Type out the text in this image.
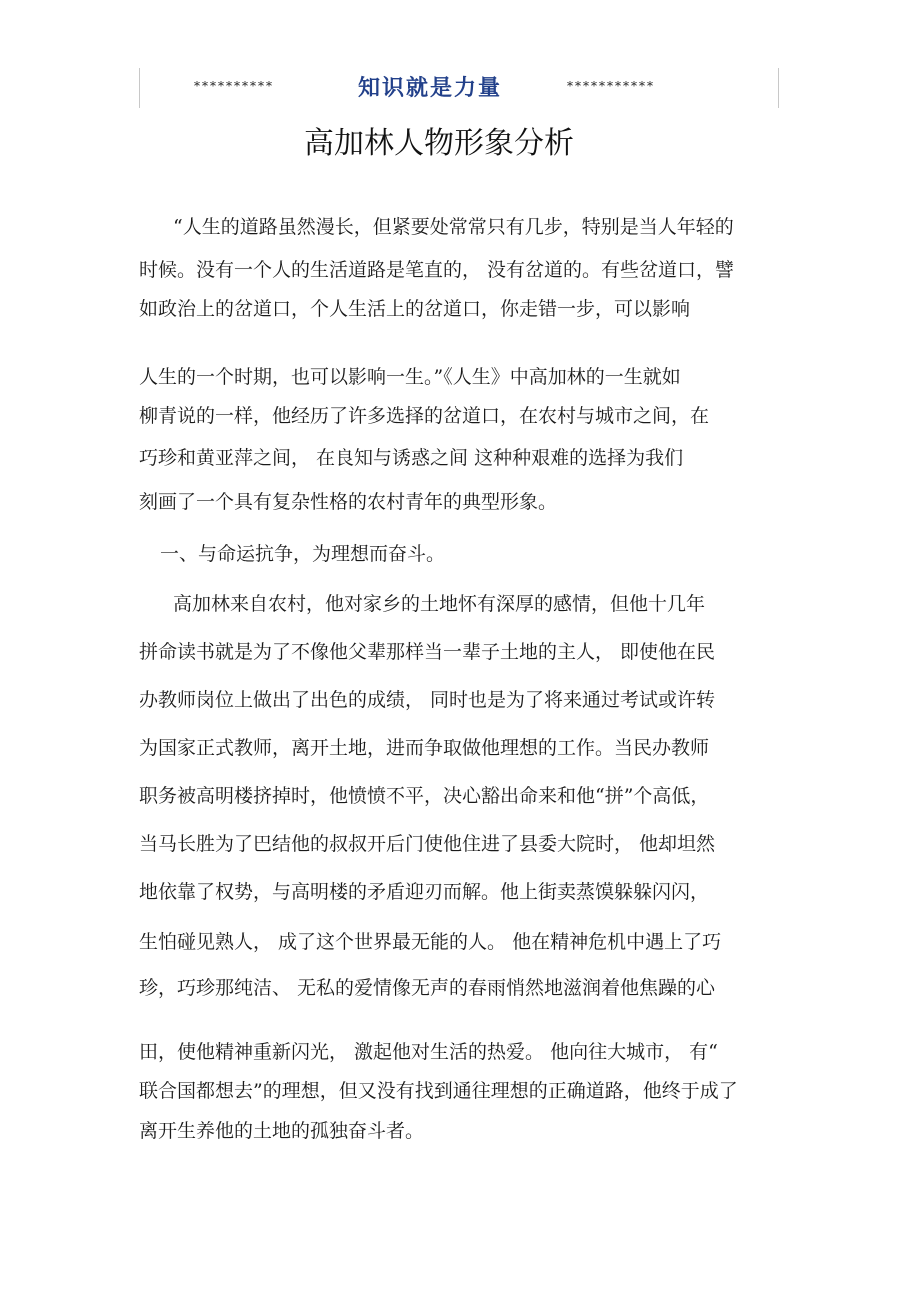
**********	知识就是力量	***********
高加林人物形象分析
“人生的道路虽然漫长，但紧要处常常只有几步，特别是当人年轻的
时候。没有一个人的生活道路是笔直的， 没有岔道的。有些岔道口，譬
如政治上的岔道口，个人生活上的岔道口，你走错一步，可以影响
人生的一个时期，也可以影响一生。”《人生》中高加林的一生就如
柳青说的一样，他经历了许多选择的岔道口，在农村与城市之间，在
巧珍和黄亚萍之间， 在良知与诱惑之间 这种种艰难的选择为我们
刻画了一个具有复杂性格的农村青年的典型形象。
一、与命运抗争，为理想而奋斗。
高加林来自农村，他对家乡的土地怀有深厚的感情，但他十几年
拼命读书就是为了不像他父辈那样当一辈子土地的主人， 即使他在民
办教师岗位上做出了出色的成绩， 同时也是为了将来通过考试或许转
为国家正式教师，离开土地，进而争取做他理想的工作。当民办教师
职务被高明楼挤掉时，他愤愤不平，决心豁出命来和他“拼”个高低，
当马长胜为了巴结他的叔叔开后门使他住进了县委大院时， 他却坦然
地依靠了权势，与高明楼的矛盾迎刃而解。他上街卖蒸馍躲躲闪闪，
生怕碰见熟人， 成了这个世界最无能的人。 他在精神危机中遇上了巧
珍，巧珍那纯洁、 无私的爱情像无声的春雨悄然地滋润着他焦躁的心
田，使他精神重新闪光， 激起他对生活的热爱。 他向往大城市， 有“
联合国都想去”的理想，但又没有找到通往理想的正确道路，他终于成了
离开生养他的土地的孤独奋斗者。
